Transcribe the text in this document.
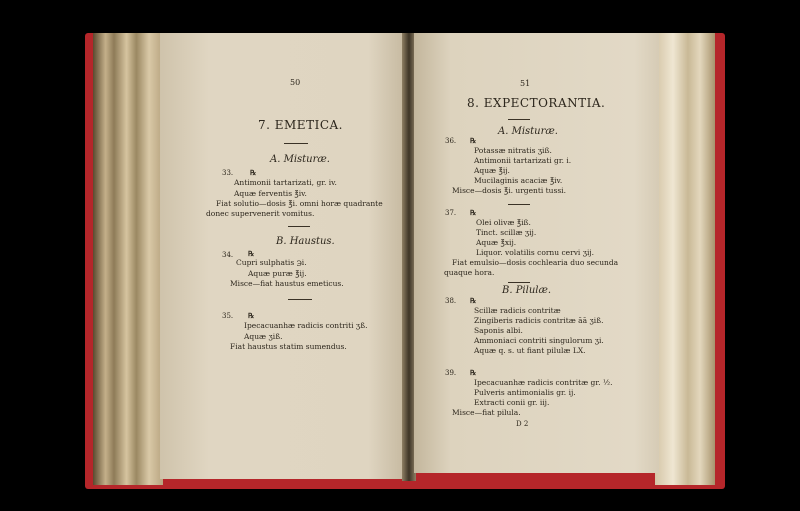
50
7. EMETICA.
A. Misturæ.
33. ℞
Antimonii tartarizati, gr. iv.
Aquæ ferventis ℥iv.
Fiat solutio—dosis ℥i. omni horæ quadrante
donec supervenerit vomitus.
B. Haustus.
34. ℞
Cupri sulphatis ℈i.
Aquæ puræ ℥ij.
Misce—fiat haustus emeticus.
35. ℞
Ipecacuanhæ radicis contriti ʒß.
Aquæ ʒiß.
Fiat haustus statim sumendus.
51
8. EXPECTORANTIA.
A. Misturæ.
36. ℞
Potassæ nitratis ʒiß.
Antimonii tartarizati gr. i.
Aquæ ℥ij.
Mucilaginis acaciæ ℥iv.
Misce—dosis ℥i. urgenti tussi.
37. ℞
Olei olivæ ℥iß.
Tinct. scillæ ʒij.
Aquæ ℥xij.
Liquor. volatilis cornu cervi ʒij.
Fiat emulsio—dosis cochlearia duo secunda
quaque hora.
B. Pilulæ.
38. ℞
Scillæ radicis contritæ
Zingiberis radicis contritæ āā ʒiß.
Saponis albi.
Ammoniaci contriti singulorum ʒi.
Aquæ q. s. ut fiant pilulæ LX.
39. ℞
Ipecacuanhæ radicis contritæ gr. ½.
Pulveris antimonialis gr. ij.
Extracti conii gr. iij.
Misce—fiat pilula.
D 2
